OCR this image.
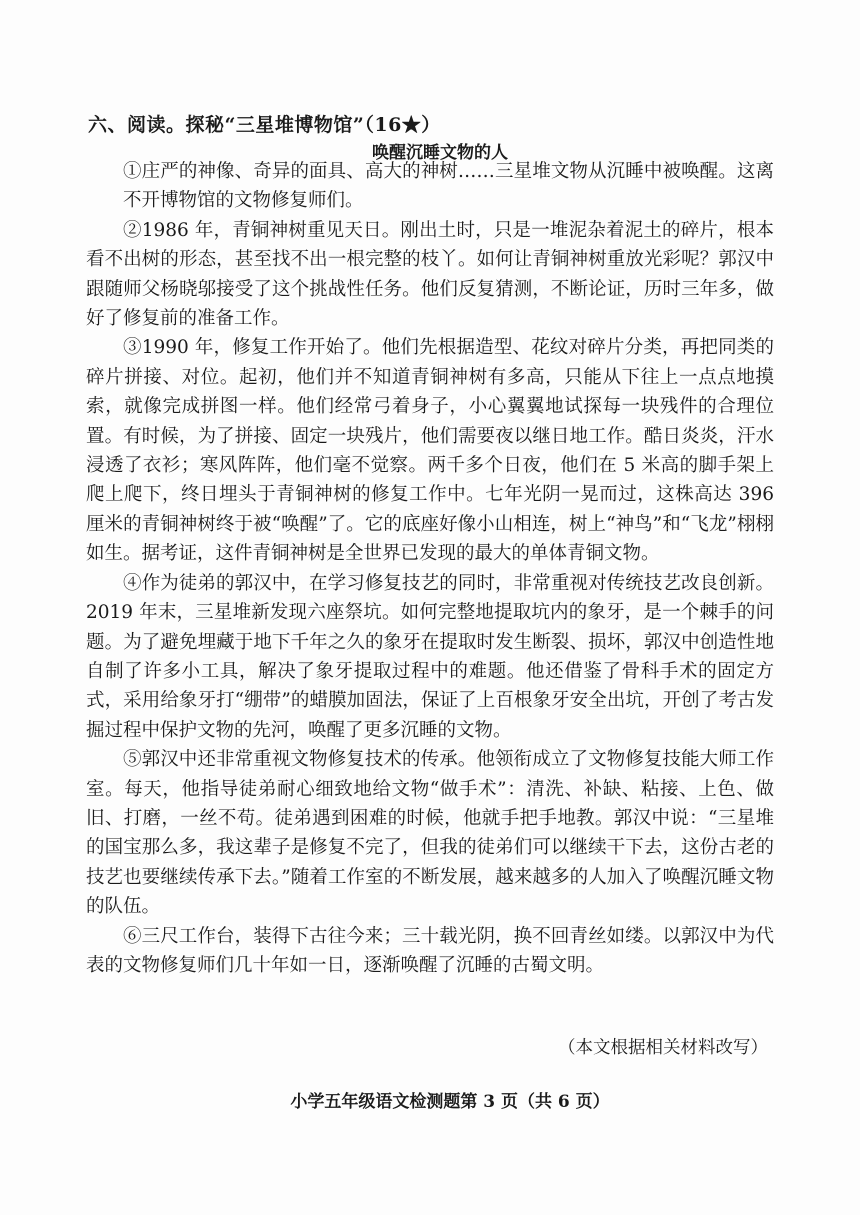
六、阅读。探秘“三星堆博物馆”（16★）
唤醒沉睡文物的人

①庄严的神像、奇异的面具、高大的神树……三星堆文物从沉睡中被唤醒。这离不开博物馆的文物修复师们。

②1986 年，青铜神树重见天日。刚出土时，只是一堆泥杂着泥土的碎片，根本看不出树的形态，甚至找不出一根完整的枝丫。如何让青铜神树重放光彩呢？郭汉中跟随师父杨晓邬接受了这个挑战性任务。他们反复猜测，不断论证，历时三年多，做好了修复前的准备工作。

③1990 年，修复工作开始了。他们先根据造型、花纹对碎片分类，再把同类的碎片拼接、对位。起初，他们并不知道青铜神树有多高，只能从下往上一点点地摸索，就像完成拼图一样。他们经常弓着身子，小心翼翼地试探每一块残件的合理位置。有时候，为了拼接、固定一块残片，他们需要夜以继日地工作。酷日炎炎，汗水浸透了衣衫；寒风阵阵，他们毫不觉察。两千多个日夜，他们在 5 米高的脚手架上爬上爬下，终日埋头于青铜神树的修复工作中。七年光阴一晃而过，这株高达 396 厘米的青铜神树终于被“唤醒”了。它的底座好像小山相连，树上“神鸟”和“飞龙”栩栩如生。据考证，这件青铜神树是全世界已发现的最大的单体青铜文物。

④作为徒弟的郭汉中，在学习修复技艺的同时，非常重视对传统技艺改良创新。2019 年末，三星堆新发现六座祭坑。如何完整地提取坑内的象牙，是一个棘手的问题。为了避免埋藏于地下千年之久的象牙在提取时发生断裂、损坏，郭汉中创造性地自制了许多小工具，解决了象牙提取过程中的难题。他还借鉴了骨科手术的固定方式，采用给象牙打“绷带”的蜡膜加固法，保证了上百根象牙安全出坑，开创了考古发掘过程中保护文物的先河，唤醒了更多沉睡的文物。

⑤郭汉中还非常重视文物修复技术的传承。他领衔成立了文物修复技能大师工作室。每天，他指导徒弟耐心细致地给文物“做手术”：清洗、补缺、粘接、上色、做旧、打磨，一丝不苟。徒弟遇到困难的时候，他就手把手地教。郭汉中说：“三星堆的国宝那么多，我这辈子是修复不完了，但我的徒弟们可以继续干下去，这份古老的技艺也要继续传承下去。”随着工作室的不断发展，越来越多的人加入了唤醒沉睡文物的队伍。

⑥三尺工作台，装得下古往今来；三十载光阴，换不回青丝如缕。以郭汉中为代表的文物修复师们几十年如一日，逐渐唤醒了沉睡的古蜀文明。

（本文根据相关材料改写）
小学五年级语文检测题第 3 页（共 6 页）
